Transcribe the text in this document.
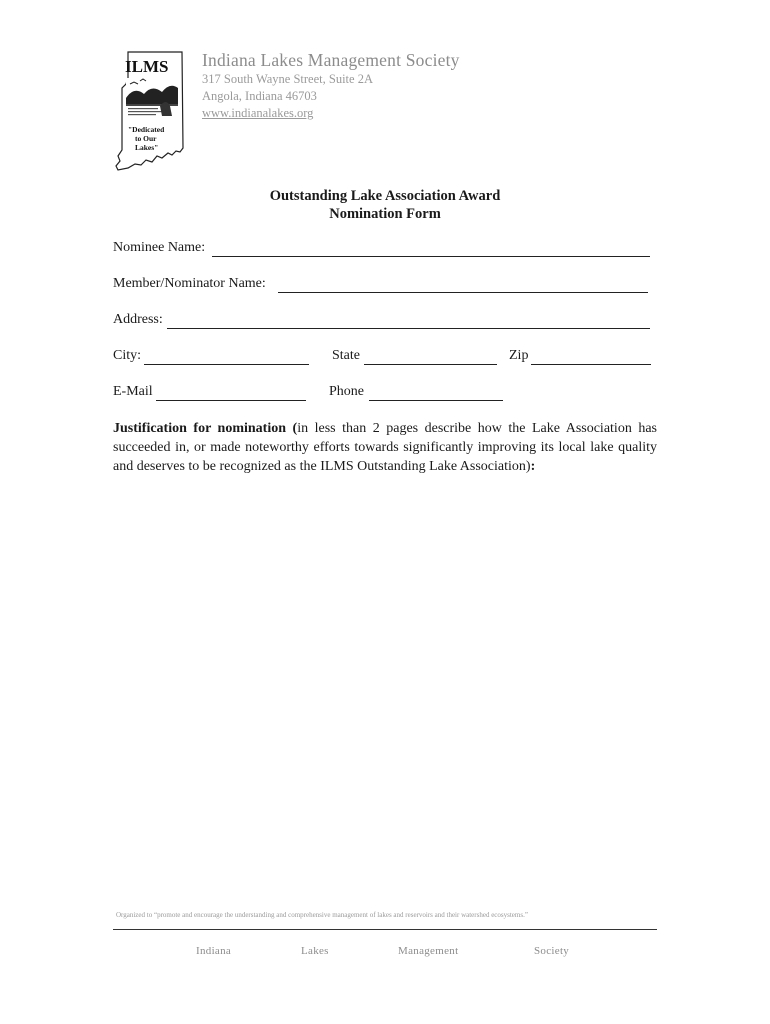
ILMS
"Dedicated
to Our
Lakes"
Indiana Lakes Management Society
317 South Wayne Street, Suite 2A
Angola, Indiana 46703
www.indianalakes.org
Outstanding Lake Association Award
Nomination Form
Nominee Name:
Member/Nominator Name:
Address:
City:	State	Zip
E-Mail	Phone
Justification for nomination (in less than 2 pages describe how the Lake Association has succeeded in, or made noteworthy efforts towards significantly improving its local lake quality and deserves to be recognized as the ILMS Outstanding Lake Association):
Organized to “promote and encourage the understanding and comprehensive management of lakes and reservoirs and their watershed ecosystems.”
Indiana	Lakes	Management	Society
